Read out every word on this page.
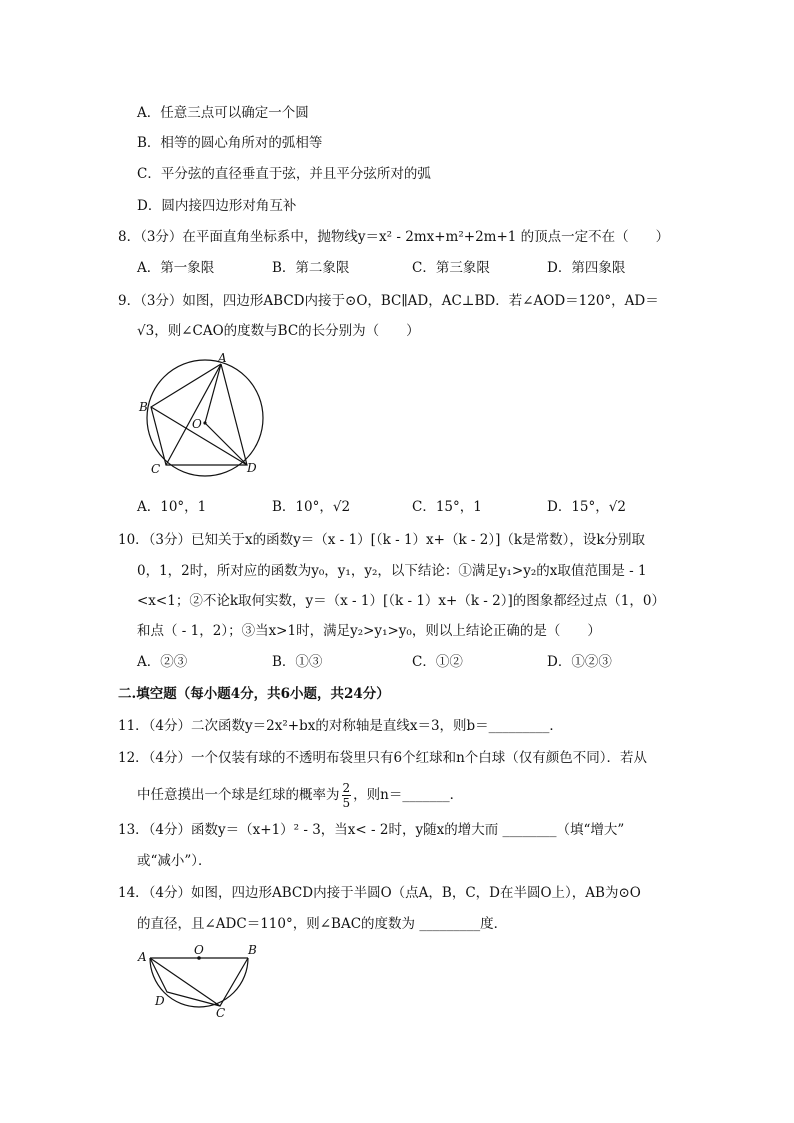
A．任意三点可以确定一个圆
B．相等的圆心角所对的弧相等
C．平分弦的直径垂直于弦，并且平分弦所对的弧
D．圆内接四边形对角互补
8．（3分）在平面直角坐标系中，抛物线y＝x² - 2mx+m²+2m+1 的顶点一定不在（　　）
A．第一象限	B．第二象限	C．第三象限	D．第四象限
9．（3分）如图，四边形ABCD内接于⊙O，BC∥AD，AC⊥BD．若∠AOD＝120°，AD＝
√3，则∠CAO的度数与BC的长分别为（　　）
A
B
O
C	D
A．10°，1	B．10°，√2	C．15°，1	D．15°，√2
10．（3分）已知关于x的函数y＝（x - 1）[（k - 1）x+（k - 2）]（k是常数），设k分别取
0，1，2时，所对应的函数为y₀，y₁，y₂，以下结论：①满足y₁>y₂的x取值范围是 - 1
<x<1；②不论k取何实数，y＝（x - 1）[（k - 1）x+（k - 2）]的图象都经过点（1，0）
和点（ - 1，2）；③当x>1时，满足y₂>y₁>y₀，则以上结论正确的是（　　）
A．②③	B．①③	C．①②	D．①②③
二.填空题（每小题4分，共6小题，共24分）
11．（4分）二次函数y＝2x²+bx的对称轴是直线x＝3，则b＝_________．
12．（4分）一个仅装有球的不透明布袋里只有6个红球和n个白球（仅有颜色不同）．若从
中任意摸出一个球是红球的概率为 $\frac{2}{5}$ ，则n＝_______．
13．（4分）函数y＝（x+1）² - 3，当x< - 2时，y随x的增大而 ________（填“增大”
或“减小”）．
14．（4分）如图，四边形ABCD内接于半圆O（点A，B，C，D在半圆O上），AB为⊙O
的直径，且∠ADC＝110°，则∠BAC的度数为 _________度．
A	O	B
D
C
